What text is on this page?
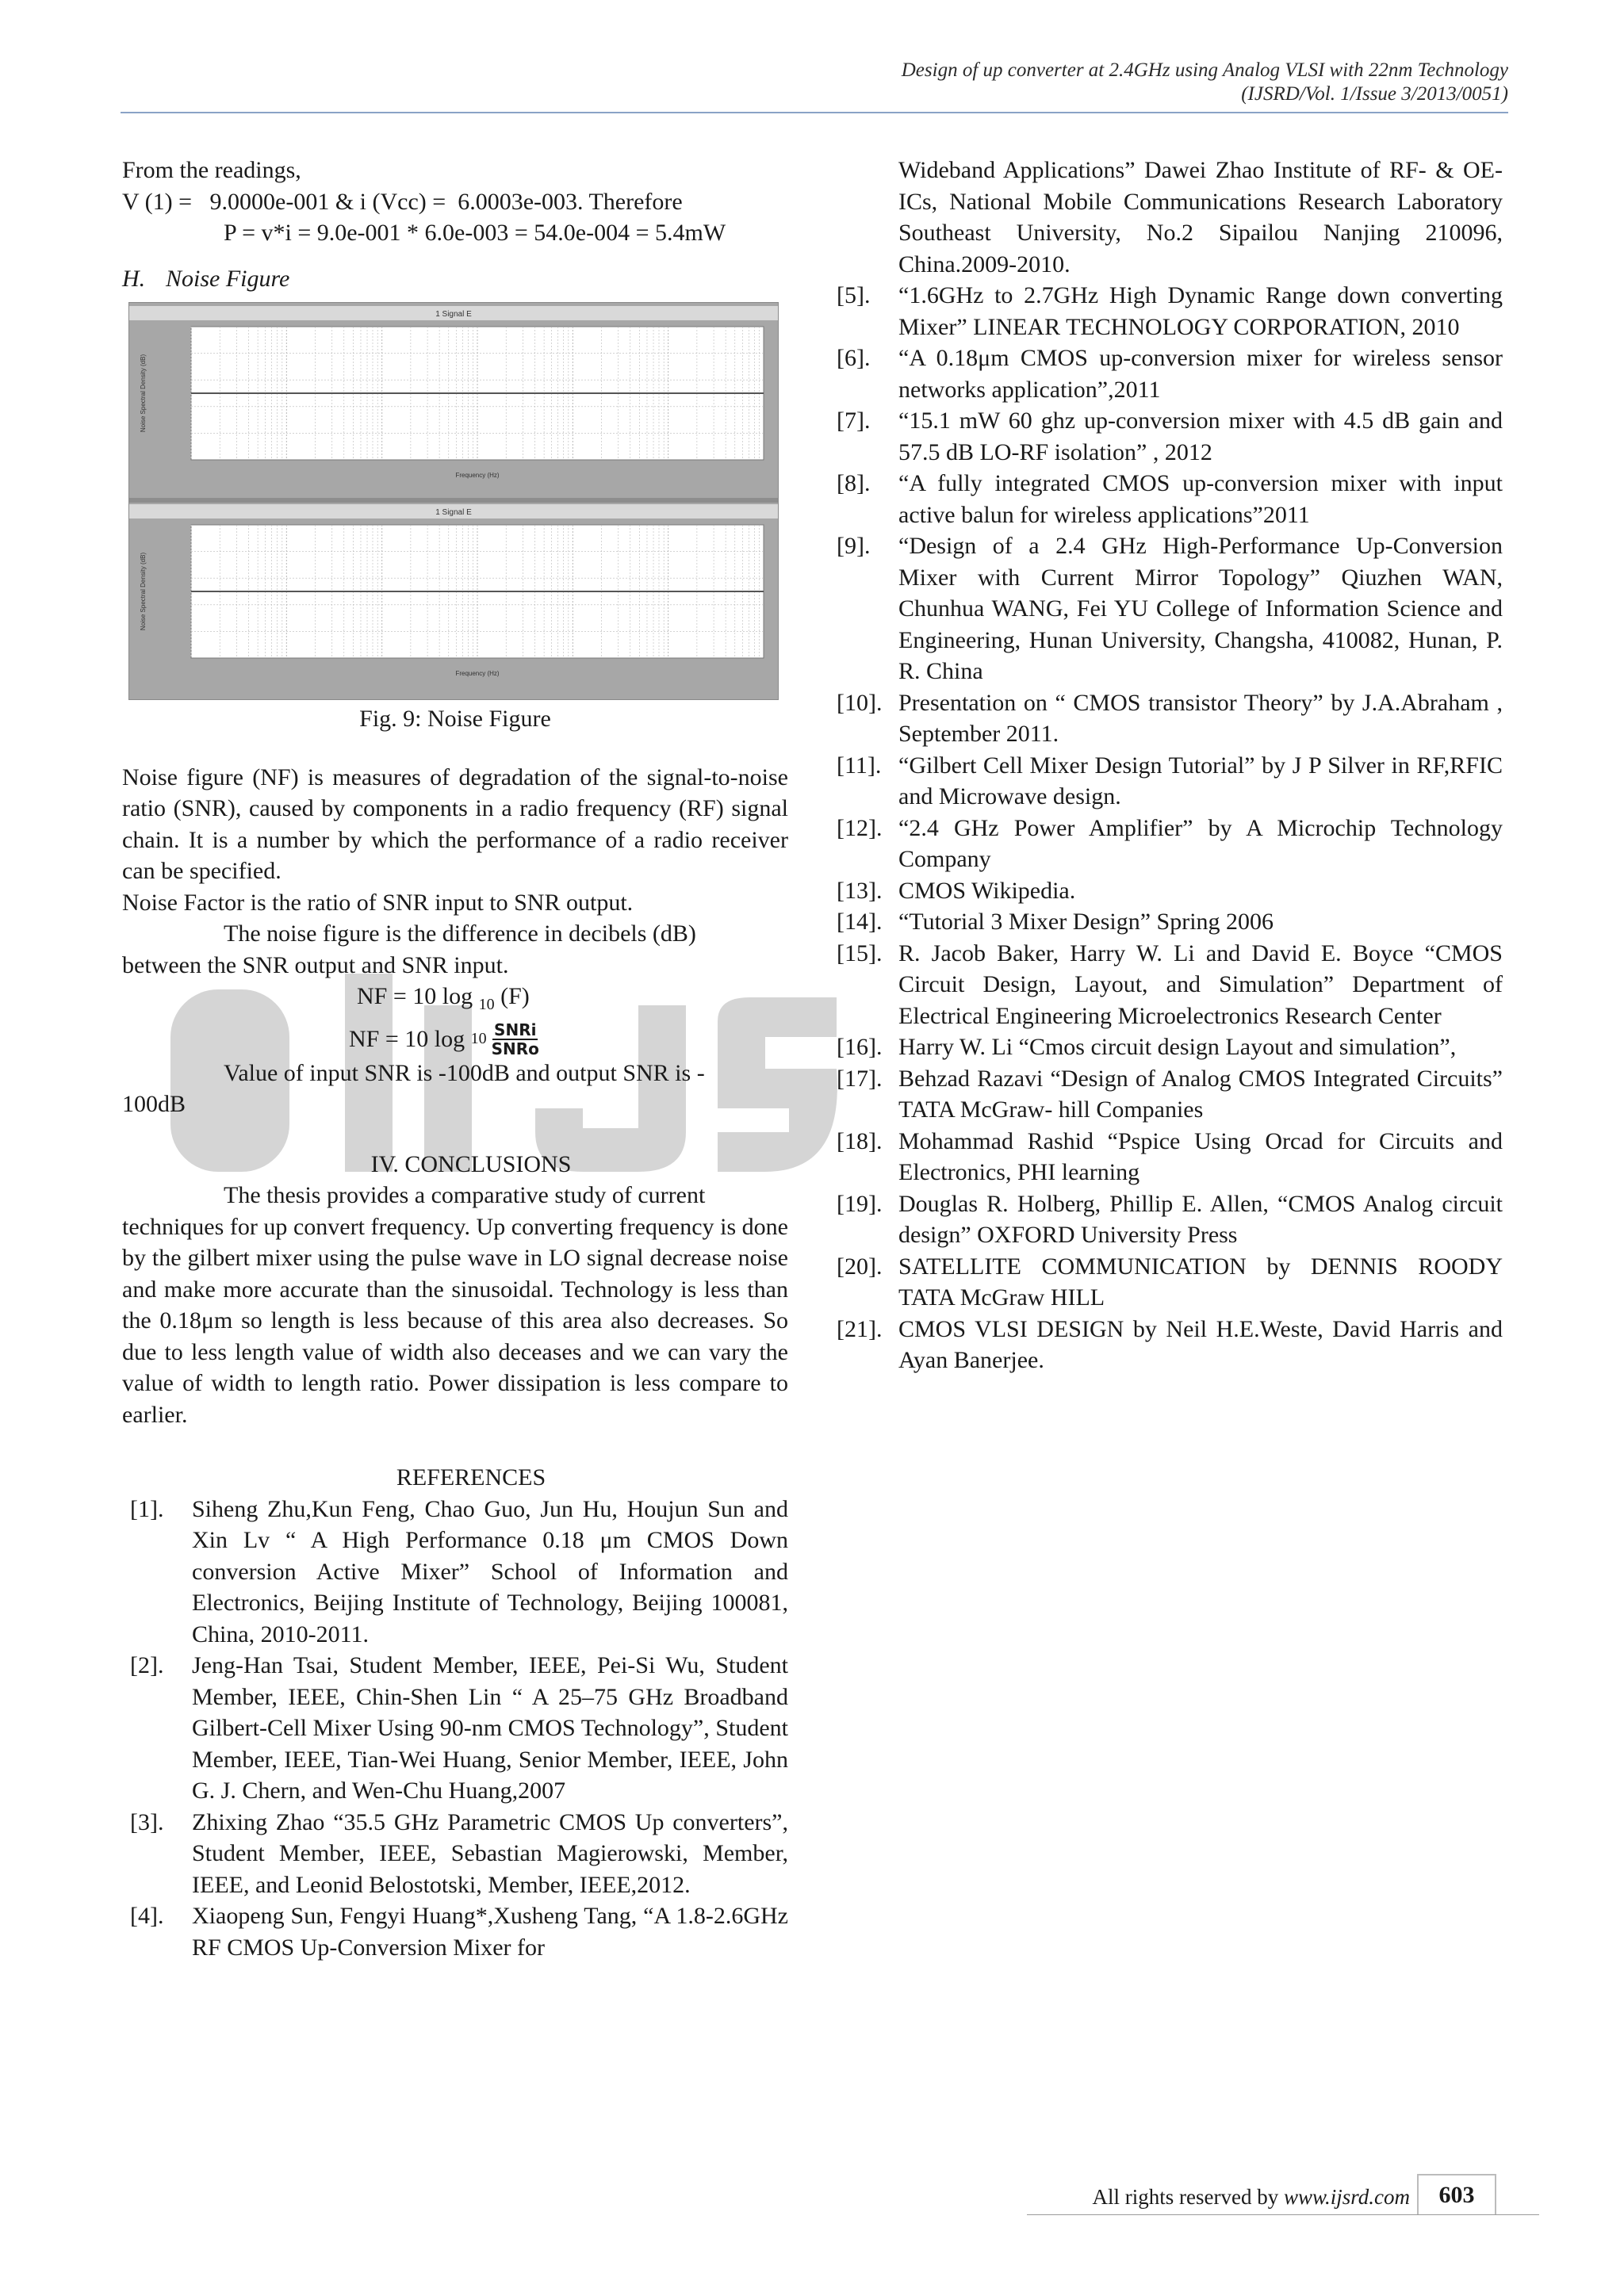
Design of up converter at 2.4GHz using Analog VLSI with 22nm Technology
(IJSRD/Vol. 1/Issue 3/2013/0051)
From the readings,
V (1) =   9.0000e-001 & i (Vcc) =  6.0003e-003. Therefore
P = v*i = 9.0e-001 * 6.0e-003 = 54.0e-004 = 5.4mW
H. Noise Figure
1 Signal E
Noise Spectral Density (dB)
Frequency (Hz)
1 Signal E
Noise Spectral Density (dB)
Frequency (Hz)
Fig. 9: Noise Figure
Noise figure (NF) is measures of degradation of the signal-to-noise ratio (SNR), caused by components in a radio frequency (RF) signal chain. It is a number by which the performance of a radio receiver can be specified.
Noise Factor is the ratio of SNR input to SNR output.
The noise figure is the difference in decibels (dB)
between the SNR output and SNR input.
NF = 10 log $_{10}$ (F)
NF = 10 log
$10 \frac{\text{SNRi}}{\text{SNRo}}$
Value of input SNR is -100dB and output SNR is -
100dB
IV. CONCLUSIONS
The thesis provides a comparative study of current
techniques for up convert frequency. Up converting frequency is done by the gilbert mixer using the pulse wave in LO signal decrease noise and make more accurate than the sinusoidal. Technology is less than the 0.18μm so length is less because of this area also decreases. So due to less length value of width also deceases and we can vary the value of width to length ratio. Power dissipation is less compare to earlier.
REFERENCES
[1].	Siheng Zhu,Kun Feng, Chao Guo, Jun Hu, Houjun Sun and Xin Lv “ A High Performance 0.18 μm CMOS Down conversion Active Mixer” School of Information and Electronics, Beijing Institute of Technology, Beijing 100081, China, 2010-2011.
[2].	Jeng-Han Tsai, Student Member, IEEE, Pei-Si Wu, Student Member, IEEE, Chin-Shen Lin “ A 25–75 GHz Broadband Gilbert-Cell Mixer Using 90-nm CMOS Technology”, Student Member, IEEE, Tian-Wei Huang, Senior Member, IEEE, John G. J. Chern, and Wen-Chu Huang,2007
[3].	Zhixing Zhao “35.5 GHz Parametric CMOS Up converters”, Student Member, IEEE, Sebastian Magierowski, Member, IEEE, and Leonid Belostotski, Member, IEEE,2012.
[4].	Xiaopeng Sun, Fengyi Huang*,Xusheng Tang, “A 1.8-2.6GHz RF CMOS Up-Conversion Mixer for
Wideband Applications” Dawei Zhao Institute of RF- & OE-ICs, National Mobile Communications Research Laboratory Southeast University, No.2 Sipailou Nanjing 210096, China.2009-2010.
[5].	“1.6GHz to 2.7GHz High Dynamic Range down converting Mixer” LINEAR TECHNOLOGY CORPORATION, 2010
[6].	“A 0.18μm CMOS up-conversion mixer for wireless sensor networks application”,2011
[7].	“15.1 mW 60 ghz up-conversion mixer with 4.5 dB gain and 57.5 dB LO-RF isolation” , 2012
[8].	“A fully integrated CMOS up-conversion mixer with input active balun for wireless applications”2011
[9].	“Design of a 2.4 GHz High-Performance Up-Conversion Mixer with Current Mirror Topology” Qiuzhen WAN, Chunhua WANG, Fei YU College of Information Science and Engineering, Hunan University, Changsha, 410082, Hunan, P. R. China
[10]. Presentation on “ CMOS transistor Theory” by J.A.Abraham , September 2011.
[11]. “Gilbert Cell Mixer Design Tutorial” by J P Silver in RF,RFIC and Microwave design.
[12]. “2.4 GHz Power Amplifier” by A Microchip Technology Company
[13]. CMOS Wikipedia.
[14]. “Tutorial 3 Mixer Design” Spring 2006
[15]. R. Jacob Baker, Harry W. Li and David E. Boyce “CMOS Circuit Design, Layout, and Simulation” Department of Electrical Engineering Microelectronics Research Center
[16]. Harry W. Li “Cmos circuit design Layout and simulation”,
[17]. Behzad Razavi “Design of Analog CMOS Integrated Circuits” TATA McGraw- hill Companies
[18]. Mohammad Rashid “Pspice Using Orcad for Circuits and Electronics, PHI learning
[19]. Douglas R. Holberg, Phillip E. Allen, “CMOS Analog circuit design” OXFORD University Press
[20]. SATELLITE COMMUNICATION by DENNIS ROODY TATA McGraw HILL
[21]. CMOS VLSI DESIGN by Neil H.E.Weste, David Harris and Ayan Banerjee.
All rights reserved by www.ijsrd.com	603
